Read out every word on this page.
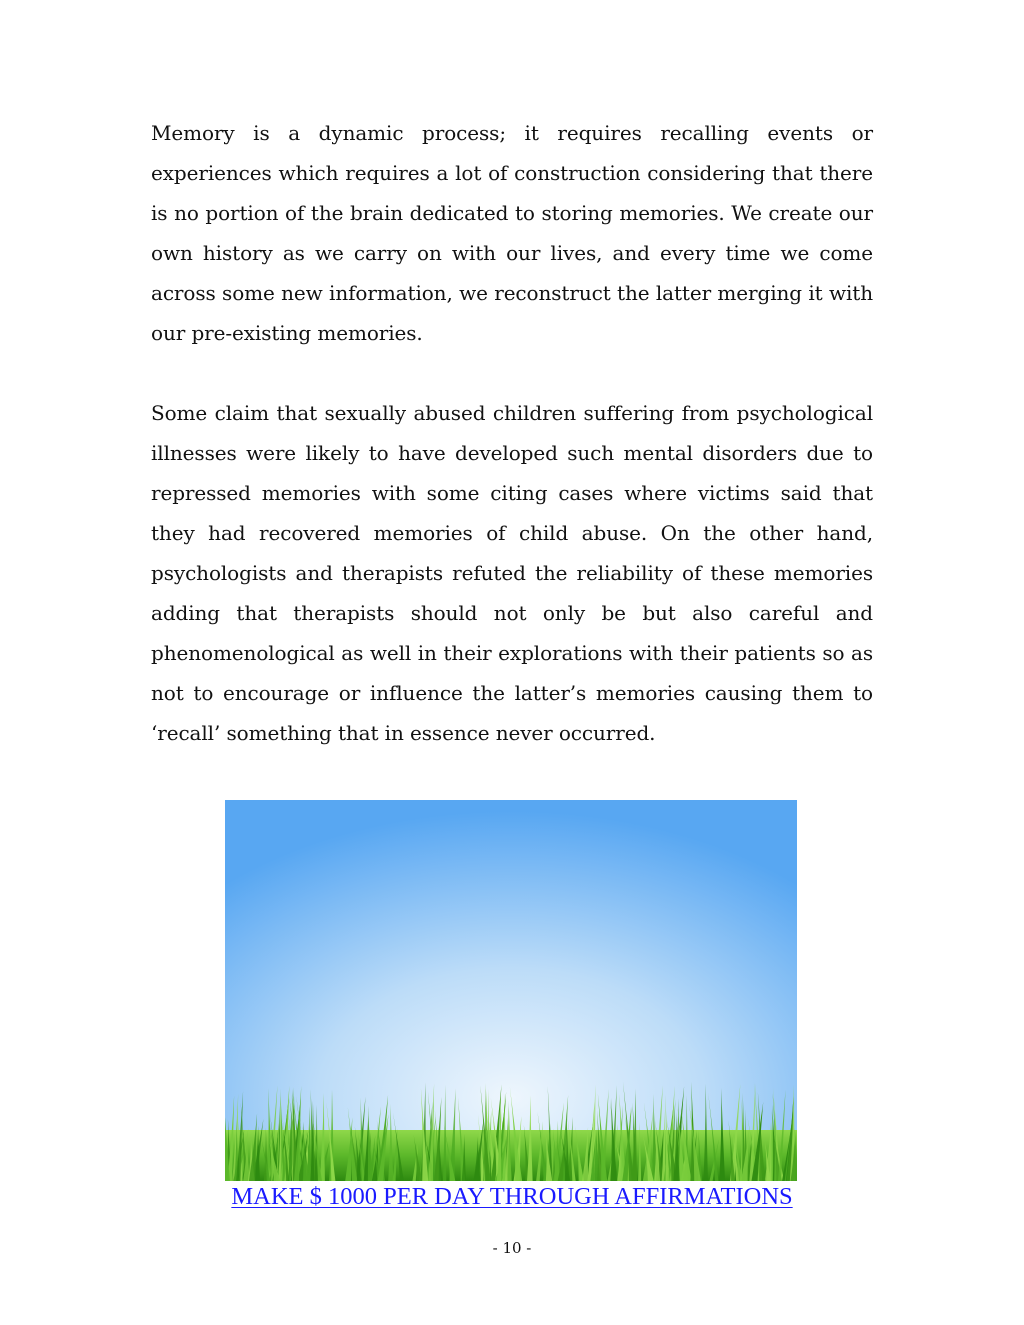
Memory is a dynamic process; it requires recalling events or experiences which requires a lot of construction considering that there is no portion of the brain dedicated to storing memories. We create our own history as we carry on with our lives, and every time we come across some new information, we reconstruct the latter merging it with our pre-existing memories.

Some claim that sexually abused children suffering from psychological illnesses were likely to have developed such mental disorders due to repressed memories with some citing cases where victims said that they had recovered memories of child abuse. On the other hand, psychologists and therapists refuted the reliability of these memories adding that therapists should not only be but also careful and phenomenological as well in their explorations with their patients so as not to encourage or influence the latter’s memories causing them to ‘recall’ something that in essence never occurred.

MAKE $ 1000 PER DAY THROUGH AFFIRMATIONS
- 10 -
